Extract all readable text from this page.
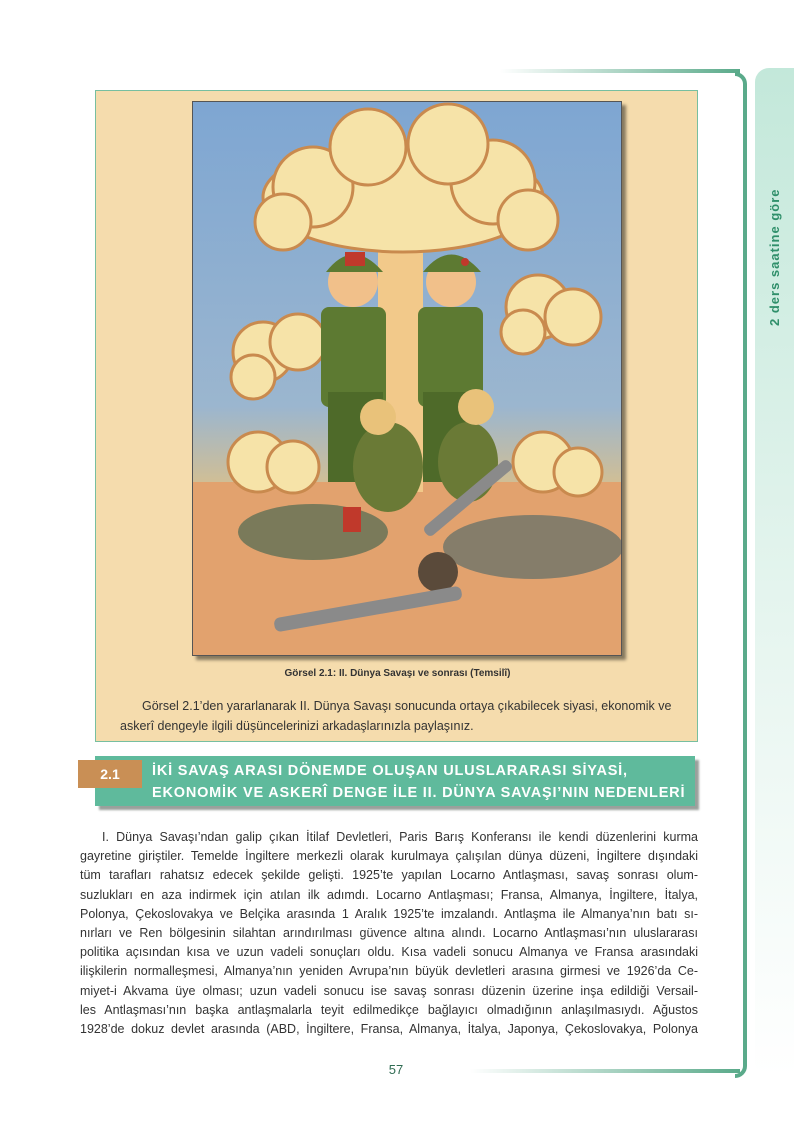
2 ders saatine göre
Görsel 2.1: II. Dünya Savaşı ve sonrası (Temsilî)
Görsel 2.1’den yararlanarak II. Dünya Savaşı sonucunda ortaya çıkabilecek siyasi, ekonomik ve askerî dengeyle ilgili düşüncelerinizi arkadaşlarınızla paylaşınız.
2.1	İKİ SAVAŞ ARASI DÖNEMDE OLUŞAN ULUSLARARASI SİYASİ,
EKONOMİK VE ASKERÎ DENGE İLE II. DÜNYA SAVAŞI’NIN NEDENLERİ
I. Dünya Savaşı’ndan galip çıkan İtilaf Devletleri, Paris Barış Konferansı ile kendi düzenlerini kurma
gayretine giriştiler. Temelde İngiltere merkezli olarak kurulmaya çalışılan dünya düzeni, İngiltere dışındaki
tüm tarafları rahatsız edecek şekilde gelişti. 1925’te yapılan Locarno Antlaşması, savaş sonrası olum-
suzlukları en aza indirmek için atılan ilk adımdı. Locarno Antlaşması; Fransa, Almanya, İngiltere, İtalya,
Polonya, Çekoslovakya ve Belçika arasında 1 Aralık 1925’te imzalandı. Antlaşma ile Almanya’nın batı sı-
nırları ve Ren bölgesinin silahtan arındırılması güvence altına alındı. Locarno Antlaşması’nın uluslararası
politika açısından kısa ve uzun vadeli sonuçları oldu. Kısa vadeli sonucu Almanya ve Fransa arasındaki
ilişkilerin normalleşmesi, Almanya’nın yeniden Avrupa’nın büyük devletleri arasına girmesi ve 1926’da Ce-
miyet-i Akvama üye olması; uzun vadeli sonucu ise savaş sonrası düzenin üzerine inşa edildiği Versail-
les Antlaşması’nın başka antlaşmalarla teyit edilmedikçe bağlayıcı olmadığının anlaşılmasıydı. Ağustos
1928’de dokuz devlet arasında (ABD, İngiltere, Fransa, Almanya, İtalya, Japonya, Çekoslovakya, Polonya
57
